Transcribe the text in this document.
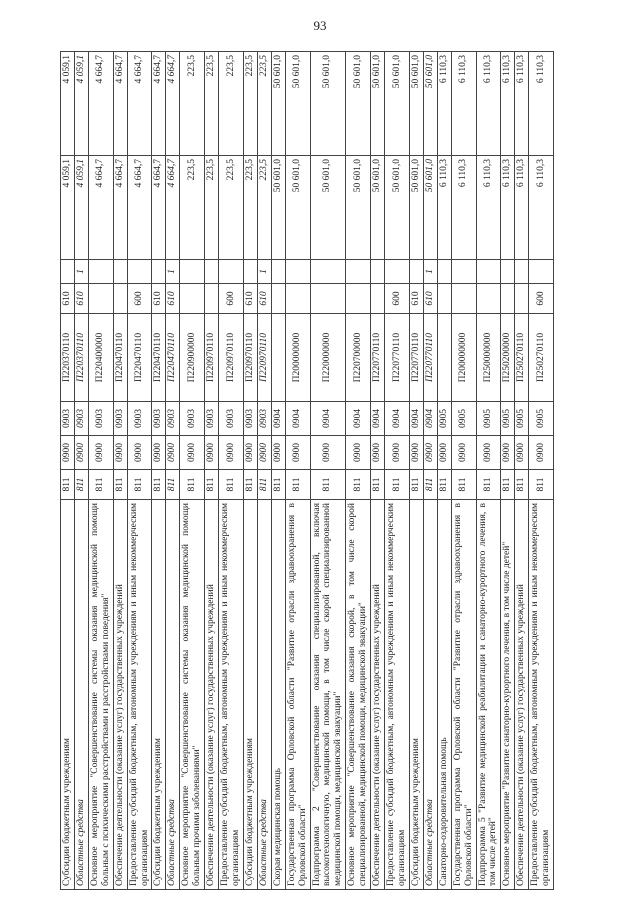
93
Субсидии бюджетным учреждениям	811	0900	0903	П220370110	610		4 059,1	4 059,1
Областные средства	811	0900	0903	П220370110	610	1	4 059,1	4 059,1
Основное мероприятие "Совершенствование системы оказания медицинской помощи больным с психическими расстройствами и расстройствами поведения"	811	0900	0903	П220400000			4 664,7	4 664,7
Обеспечение деятельности (оказание услуг) государственных учреждений	811	0900	0903	П220470110			4 664,7	4 664,7
Предоставление субсидий бюджетным, автономным учреждениям и иным некоммерческим организациям	811	0900	0903	П220470110	600		4 664,7	4 664,7
Субсидии бюджетным учреждениям	811	0900	0903	П220470110	610		4 664,7	4 664,7
Областные средства	811	0900	0903	П220470110	610	1	4 664,7	4 664,7
Основное мероприятие "Совершенствование системы оказания медицинской помощи больным прочими заболеваниями"	811	0900	0903	П220900000			223,5	223,5
Обеспечение деятельности (оказание услуг) государственных учреждений	811	0900	0903	П220970110			223,5	223,5
Предоставление субсидий бюджетным, автономным учреждениям и иным некоммерческим организациям	811	0900	0903	П220970110	600		223,5	223,5
Субсидии бюджетным учреждениям	811	0900	0903	П220970110	610		223,5	223,5
Областные средства	811	0900	0903	П220970110	610	1	223,5	223,5
Скорая медицинская помощь	811	0900	0904				50 601,0	50 601,0
Государственная программа Орловской области "Развитие отрасли здравоохранения в Орловской области"	811	0900	0904	П200000000			50 601,0	50 601,0
Подпрограмма 2 "Совершенствование оказания специализированной, включая высокотехнологичную, медицинской помощи, в том числе скорой специализированной медицинской помощи, медицинской эвакуации"	811	0900	0904	П220000000			50 601,0	50 601,0
Основное мероприятие "Совершенствование оказания скорой, в том числе скорой специализированной, медицинской помощи, медицинской эвакуации"	811	0900	0904	П220700000			50 601,0	50 601,0
Обеспечение деятельности (оказание услуг) государственных учреждений	811	0900	0904	П220770110			50 601,0	50 601,0
Предоставление субсидий бюджетным, автономным учреждениям и иным некоммерческим организациям	811	0900	0904	П220770110	600		50 601,0	50 601,0
Субсидии бюджетным учреждениям	811	0900	0904	П220770110	610		50 601,0	50 601,0
Областные средства	811	0900	0904	П220770110	610	1	50 601,0	50 601,0
Санаторно-оздоровительная помощь	811	0900	0905				6 110,3	6 110,3
Государственная программа Орловской области "Развитие отрасли здравоохранения в Орловской области"	811	0900	0905	П200000000			6 110,3	6 110,3
Подпрограмма 5 "Развитие медицинской реабилитации и санаторно-курортного лечения, в том числе детей"	811	0900	0905	П250000000			6 110,3	6 110,3
Основное мероприятие "Развитие санаторно-курортного лечения, в том числе детей"	811	0900	0905	П250200000			6 110,3	6 110,3
Обеспечение деятельности (оказание услуг) государственных учреждений	811	0900	0905	П250270110			6 110,3	6 110,3
Предоставление субсидий бюджетным, автономным учреждениям и иным некоммерческим организациям	811	0900	0905	П250270110	600		6 110,3	6 110,3
